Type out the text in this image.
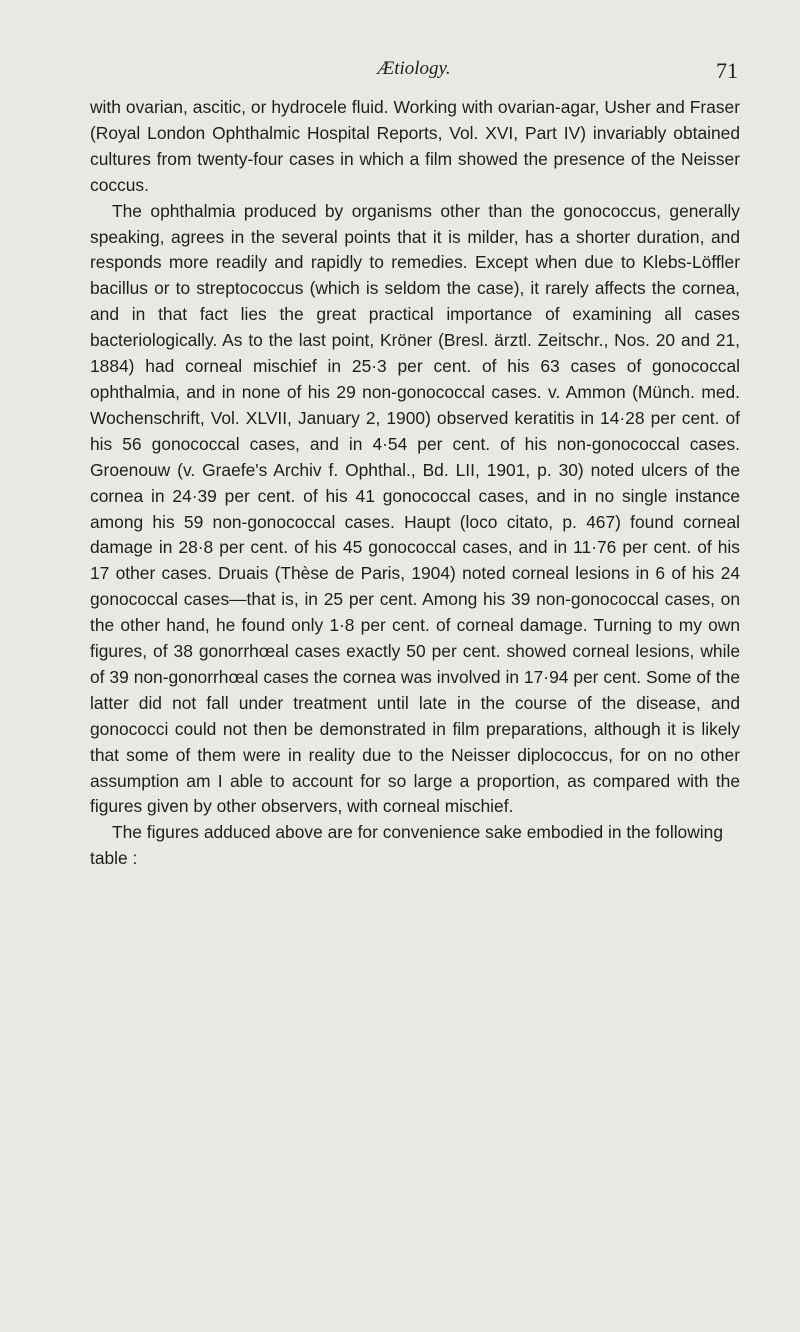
Ætiology.	71

with ovarian, ascitic, or hydrocele fluid. Working with ovarian-agar, Usher and Fraser (Royal London Ophthalmic Hospital Reports, Vol. XVI, Part IV) invariably obtained cultures from twenty-four cases in which a film showed the presence of the Neisser coccus.

The ophthalmia produced by organisms other than the gonococcus, generally speaking, agrees in the several points that it is milder, has a shorter duration, and responds more readily and rapidly to remedies. Except when due to Klebs-Löffler bacillus or to streptococcus (which is seldom the case), it rarely affects the cornea, and in that fact lies the great practical importance of examining all cases bacteriologically. As to the last point, Kröner (Bresl. ärztl. Zeitschr., Nos. 20 and 21, 1884) had corneal mischief in 25·3 per cent. of his 63 cases of gonococcal ophthalmia, and in none of his 29 non-gonococcal cases. v. Ammon (Münch. med. Wochenschrift, Vol. XLVII, January 2, 1900) observed keratitis in 14·28 per cent. of his 56 gonococcal cases, and in 4·54 per cent. of his non-gonococcal cases. Groenouw (v. Graefe's Archiv f. Ophthal., Bd. LII, 1901, p. 30) noted ulcers of the cornea in 24·39 per cent. of his 41 gonococcal cases, and in no single instance among his 59 non-gonococcal cases. Haupt (loco citato, p. 467) found corneal damage in 28·8 per cent. of his 45 gonococcal cases, and in 11·76 per cent. of his 17 other cases. Druais (Thèse de Paris, 1904) noted corneal lesions in 6 of his 24 gonococcal cases—that is, in 25 per cent. Among his 39 non-gonococcal cases, on the other hand, he found only 1·8 per cent. of corneal damage. Turning to my own figures, of 38 gonorrhœal cases exactly 50 per cent. showed corneal lesions, while of 39 non-gonorrhœal cases the cornea was involved in 17·94 per cent. Some of the latter did not fall under treatment until late in the course of the disease, and gonococci could not then be demonstrated in film preparations, although it is likely that some of them were in reality due to the Neisser diplococcus, for on no other assumption am I able to account for so large a proportion, as compared with the figures given by other observers, with corneal mischief.

The figures adduced above are for convenience sake embodied in the following table :
